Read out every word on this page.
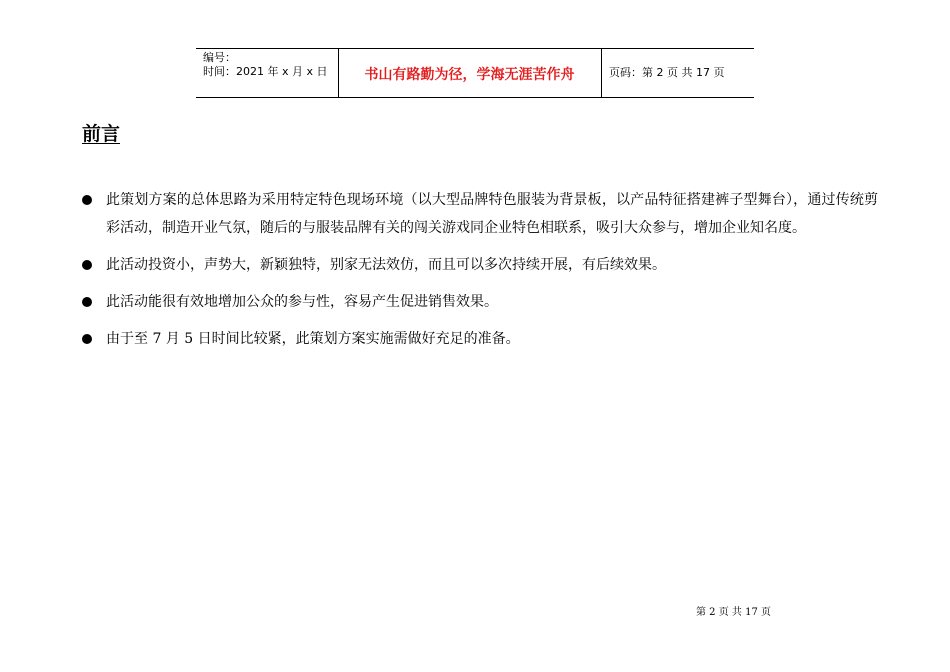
编号：
时间：2021 年 x 月 x 日	书山有路勤为径，学海无涯苦作舟	页码：第 2 页 共 17 页
前言
此策划方案的总体思路为采用特定特色现场环境（以大型品牌特色服装为背景板，以产品特征搭建裤子型舞台），通过传统剪彩活动，制造开业气氛，随后的与服装品牌有关的闯关游戏同企业特色相联系，吸引大众参与，增加企业知名度。
此活动投资小，声势大，新颖独特，别家无法效仿，而且可以多次持续开展，有后续效果。
此活动能很有效地增加公众的参与性，容易产生促进销售效果。
由于至 7 月 5 日时间比较紧，此策划方案实施需做好充足的准备。
第 2 页 共 17 页
